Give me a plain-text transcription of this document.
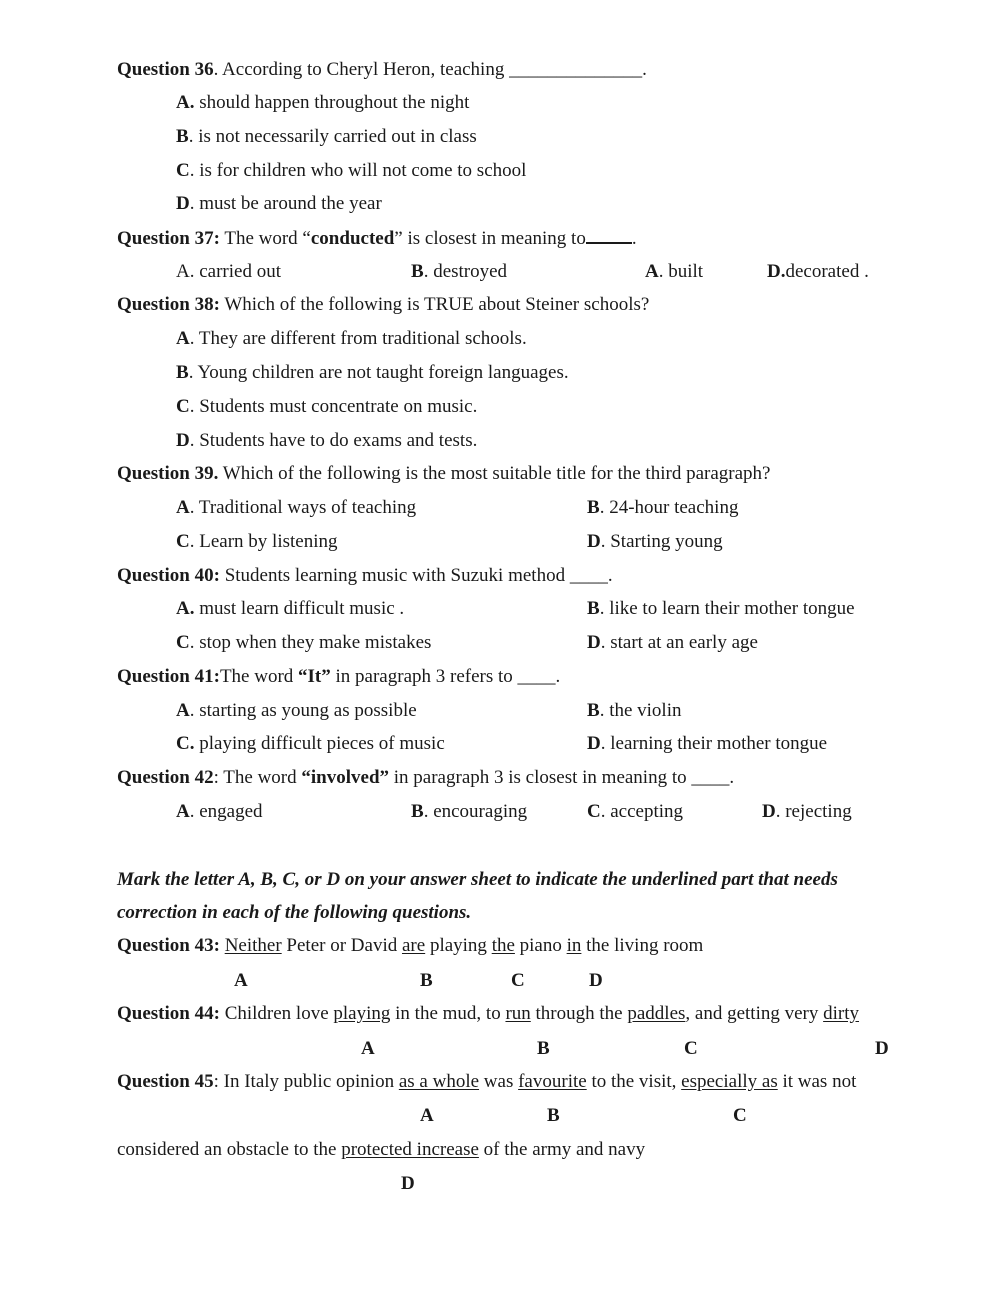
Question 36. According to Cheryl Heron, teaching ______________.
A. should happen throughout the night
B. is not necessarily carried out in class
C. is for children who will not come to school
D. must be around the year
Question 37: The word “conducted” is closest in meaning to .
A. carried out	B. destroyed	A. built	D.decorated .
Question 38: Which of the following is TRUE about Steiner schools?
A. They are different from traditional schools.
B. Young children are not taught foreign languages.
C. Students must concentrate on music.
D. Students have to do exams and tests.
Question 39. Which of the following is the most suitable title for the third paragraph?
A. Traditional ways of teaching	B. 24-hour teaching
C. Learn by listening	D. Starting young
Question 40: Students learning music with Suzuki method ____.
A. must learn difficult music .	B. like to learn their mother tongue
C. stop when they make mistakes	D. start at an early age
Question 41:The word “It” in paragraph 3 refers to ____.
A. starting as young as possible	B. the violin
C. playing difficult pieces of music	D. learning their mother tongue
Question 42: The word “involved” in paragraph 3 is closest in meaning to ____.
A. engaged	B. encouraging	C. accepting	D. rejecting
Mark the letter A, B, C, or D on your answer sheet to indicate the underlined part that needs
correction in each of the following questions.
Question 43: Neither Peter or David are playing the piano in the living room
A	B	C	D
Question 44: Children love playing in the mud, to run through the paddles, and getting very dirty
A	B	C	D
Question 45: In Italy public opinion as a whole was favourite to the visit, especially as it was not
A	B	C
considered an obstacle to the protected increase of the army and navy
D
